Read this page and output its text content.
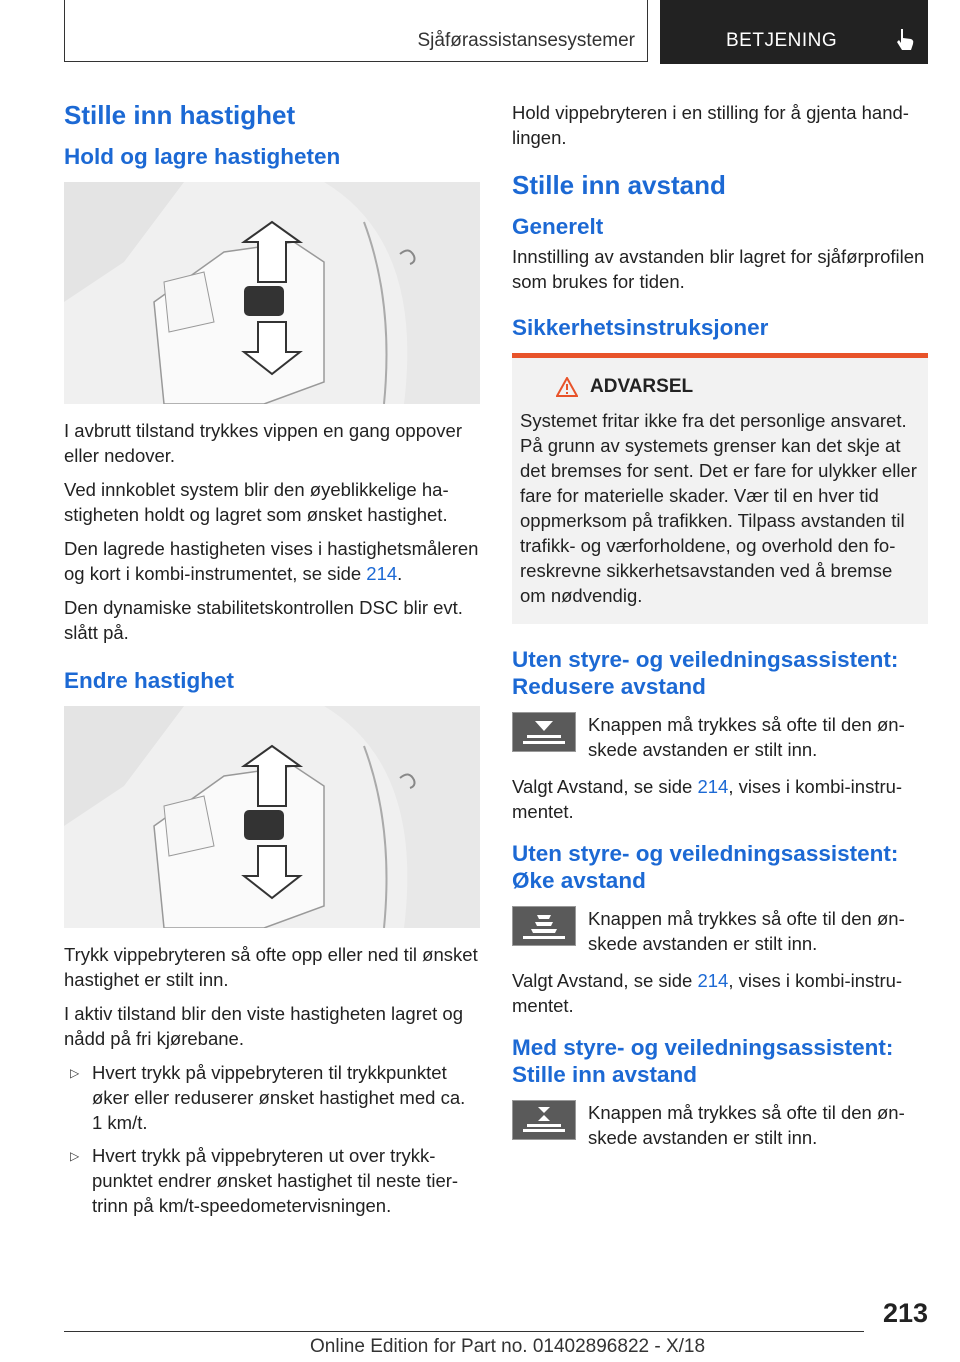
Sjåførassistansesystemer	BETJENING
Stille inn hastighet
Hold og lagre hastigheten

I avbrutt tilstand trykkes vippen en gang oppover eller nedover.

Ved innkoblet system blir den øyeblikkelige hastigheten holdt og lagret som ønsket hastighet.

Den lagrede hastigheten vises i hastighetsmåleren og kort i kombi-instrumentet, se side 214.

Den dynamiske stabilitetskontrollen DSC blir evt. slått på.

Endre hastighet

Trykk vippebryteren så ofte opp eller ned til ønsket hastighet er stilt inn.

I aktiv tilstand blir den viste hastigheten lagret og nådd på fri kjørebane.

▷ Hvert trykk på vippebryteren til trykkpunktet øker eller reduserer ønsket hastighet med ca. 1 km/t.
▷ Hvert trykk på vippebryteren ut over trykkpunktet endrer ønsket hastighet til neste tiertrinn på km/t-speedometervisningen.

Hold vippebryteren i en stilling for å gjenta handlingen.

Stille inn avstand
Generelt

Innstilling av avstanden blir lagret for sjåførprofilen som brukes for tiden.

Sikkerhetsinstruksjoner
ADVARSEL

Systemet fritar ikke fra det personlige ansvaret. På grunn av systemets grenser kan det skje at det bremses for sent. Det er fare for ulykker eller fare for materielle skader. Vær til en hver tid oppmerksom på trafikken. Tilpass avstanden til trafikk- og værforholdene, og overhold den foreskrevne sikkerhetsavstanden ved å bremse om nødvendig.

Uten styre- og veiledningsassistent: Redusere avstand

Knappen må trykkes så ofte til den ønskede avstanden er stilt inn.

Valgt Avstand, se side 214, vises i kombi-instrumentet.

Uten styre- og veiledningsassistent: Øke avstand

Knappen må trykkes så ofte til den ønskede avstanden er stilt inn.

Valgt Avstand, se side 214, vises i kombi-instrumentet.

Med styre- og veiledningsassistent: Stille inn avstand

Knappen må trykkes så ofte til den ønskede avstanden er stilt inn.

213
Online Edition for Part no. 01402896822 - X/18
